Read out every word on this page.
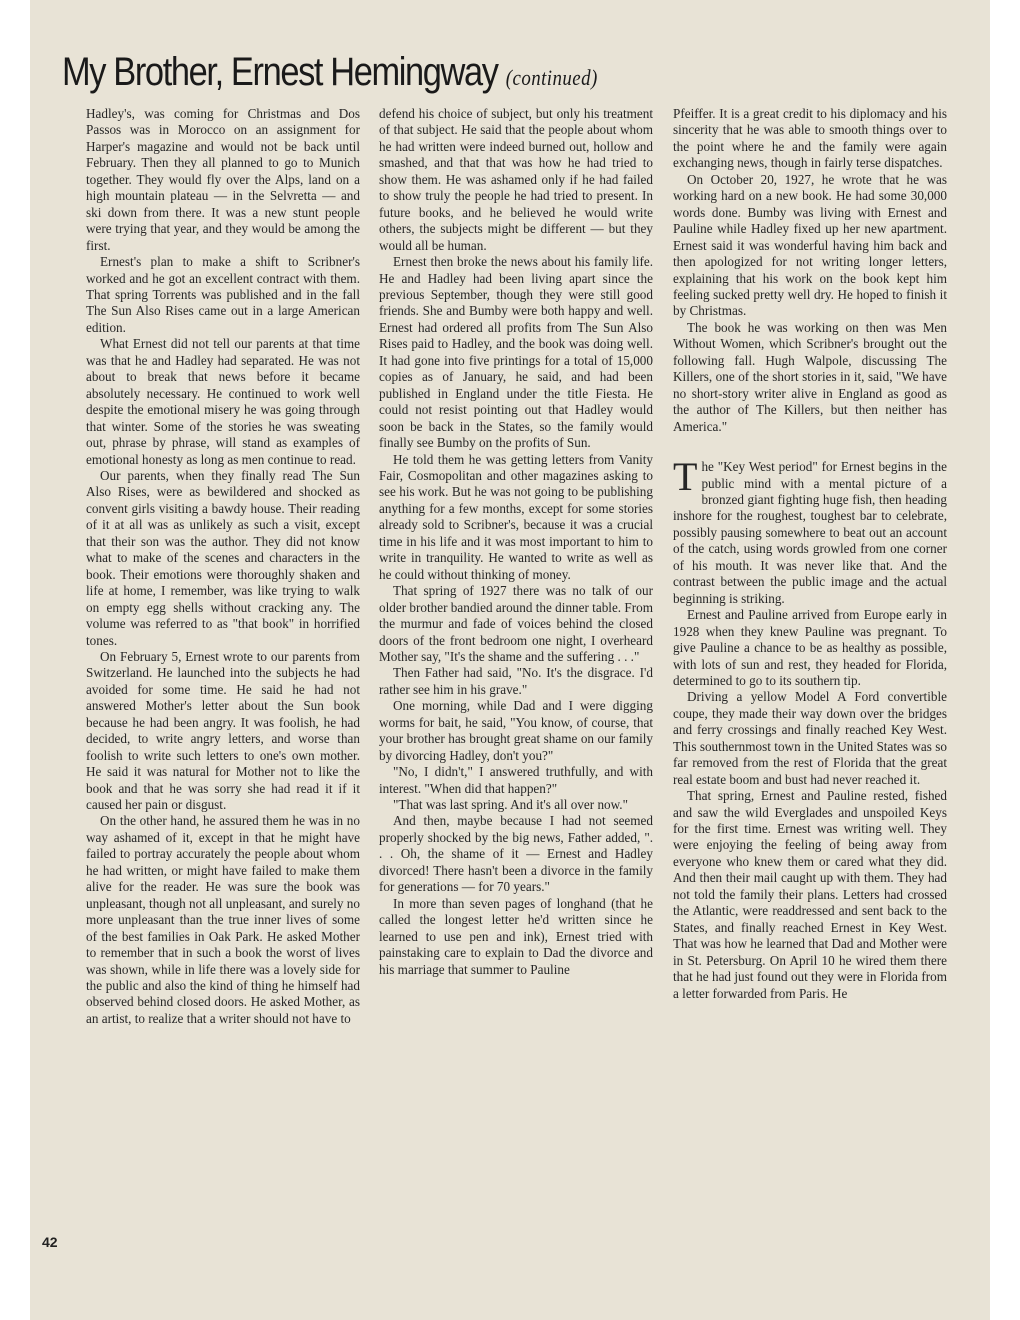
My Brother, Ernest Hemingway (continued)

Hadley's, was coming for Christmas and Dos Passos was in Morocco on an assignment for Harper's magazine and would not be back until February. Then they all planned to go to Munich together. They would fly over the Alps, land on a high mountain plateau — in the Selvretta — and ski down from there. It was a new stunt people were trying that year, and they would be among the first.

Ernest's plan to make a shift to Scribner's worked and he got an excellent contract with them. That spring Torrents was published and in the fall The Sun Also Rises came out in a large American edition.

What Ernest did not tell our parents at that time was that he and Hadley had separated. He was not about to break that news before it became absolutely necessary. He continued to work well despite the emotional misery he was going through that winter. Some of the stories he was sweating out, phrase by phrase, will stand as examples of emotional honesty as long as men continue to read.

Our parents, when they finally read The Sun Also Rises, were as bewildered and shocked as convent girls visiting a bawdy house. Their reading of it at all was as unlikely as such a visit, except that their son was the author. They did not know what to make of the scenes and characters in the book. Their emotions were thoroughly shaken and life at home, I remember, was like trying to walk on empty egg shells without cracking any. The volume was referred to as "that book" in horrified tones.

On February 5, Ernest wrote to our parents from Switzerland. He launched into the subjects he had avoided for some time. He said he had not answered Mother's letter about the Sun book because he had been angry. It was foolish, he had decided, to write angry letters, and worse than foolish to write such letters to one's own mother. He said it was natural for Mother not to like the book and that he was sorry she had read it if it caused her pain or disgust.

On the other hand, he assured them he was in no way ashamed of it, except in that he might have failed to portray accurately the people about whom he had written, or might have failed to make them alive for the reader. He was sure the book was unpleasant, though not all unpleasant, and surely no more unpleasant than the true inner lives of some of the best families in Oak Park. He asked Mother to remember that in such a book the worst of lives was shown, while in life there was a lovely side for the public and also the kind of thing he himself had observed behind closed doors. He asked Mother, as an artist, to realize that a writer should not have to

defend his choice of subject, but only his treatment of that subject. He said that the people about whom he had written were indeed burned out, hollow and smashed, and that that was how he had tried to show them. He was ashamed only if he had failed to show truly the people he had tried to present. In future books, and he believed he would write others, the subjects might be different — but they would all be human.

Ernest then broke the news about his family life. He and Hadley had been living apart since the previous September, though they were still good friends. She and Bumby were both happy and well. Ernest had ordered all profits from The Sun Also Rises paid to Hadley, and the book was doing well. It had gone into five printings for a total of 15,000 copies as of January, he said, and had been published in England under the title Fiesta. He could not resist pointing out that Hadley would soon be back in the States, so the family would finally see Bumby on the profits of Sun.

He told them he was getting letters from Vanity Fair, Cosmopolitan and other magazines asking to see his work. But he was not going to be publishing anything for a few months, except for some stories already sold to Scribner's, because it was a crucial time in his life and it was most important to him to write in tranquility. He wanted to write as well as he could without thinking of money.

That spring of 1927 there was no talk of our older brother bandied around the dinner table. From the murmur and fade of voices behind the closed doors of the front bedroom one night, I overheard Mother say, "It's the shame and the suffering . . ."

Then Father had said, "No. It's the disgrace. I'd rather see him in his grave."

One morning, while Dad and I were digging worms for bait, he said, "You know, of course, that your brother has brought great shame on our family by divorcing Hadley, don't you?"

"No, I didn't," I answered truthfully, and with interest. "When did that happen?"

"That was last spring. And it's all over now."

And then, maybe because I had not seemed properly shocked by the big news, Father added, ". . . Oh, the shame of it — Ernest and Hadley divorced! There hasn't been a divorce in the family for generations — for 70 years."

In more than seven pages of longhand (that he called the longest letter he'd written since he learned to use pen and ink), Ernest tried with painstaking care to explain to Dad the divorce and his marriage that summer to Pauline

Pfeiffer. It is a great credit to his diplomacy and his sincerity that he was able to smooth things over to the point where he and the family were again exchanging news, though in fairly terse dispatches.

On October 20, 1927, he wrote that he was working hard on a new book. He had some 30,000 words done. Bumby was living with Ernest and Pauline while Hadley fixed up her new apartment. Ernest said it was wonderful having him back and then apologized for not writing longer letters, explaining that his work on the book kept him feeling sucked pretty well dry. He hoped to finish it by Christmas.

The book he was working on then was Men Without Women, which Scribner's brought out the following fall. Hugh Walpole, discussing The Killers, one of the short stories in it, said, "We have no short-story writer alive in England as good as the author of The Killers, but then neither has America."

The "Key West period" for Ernest begins in the public mind with a mental picture of a bronzed giant fighting huge fish, then heading inshore for the roughest, toughest bar to celebrate, possibly pausing somewhere to beat out an account of the catch, using words growled from one corner of his mouth. It was never like that. And the contrast between the public image and the actual beginning is striking.

Ernest and Pauline arrived from Europe early in 1928 when they knew Pauline was pregnant. To give Pauline a chance to be as healthy as possible, with lots of sun and rest, they headed for Florida, determined to go to its southern tip.

Driving a yellow Model A Ford convertible coupe, they made their way down over the bridges and ferry crossings and finally reached Key West. This southernmost town in the United States was so far removed from the rest of Florida that the great real estate boom and bust had never reached it.

That spring, Ernest and Pauline rested, fished and saw the wild Everglades and unspoiled Keys for the first time. Ernest was writing well. They were enjoying the feeling of being away from everyone who knew them or cared what they did. And then their mail caught up with them. They had not told the family their plans. Letters had crossed the Atlantic, were readdressed and sent back to the States, and finally reached Ernest in Key West. That was how he learned that Dad and Mother were in St. Petersburg. On April 10 he wired them there that he had just found out they were in Florida from a letter forwarded from Paris. He

42
